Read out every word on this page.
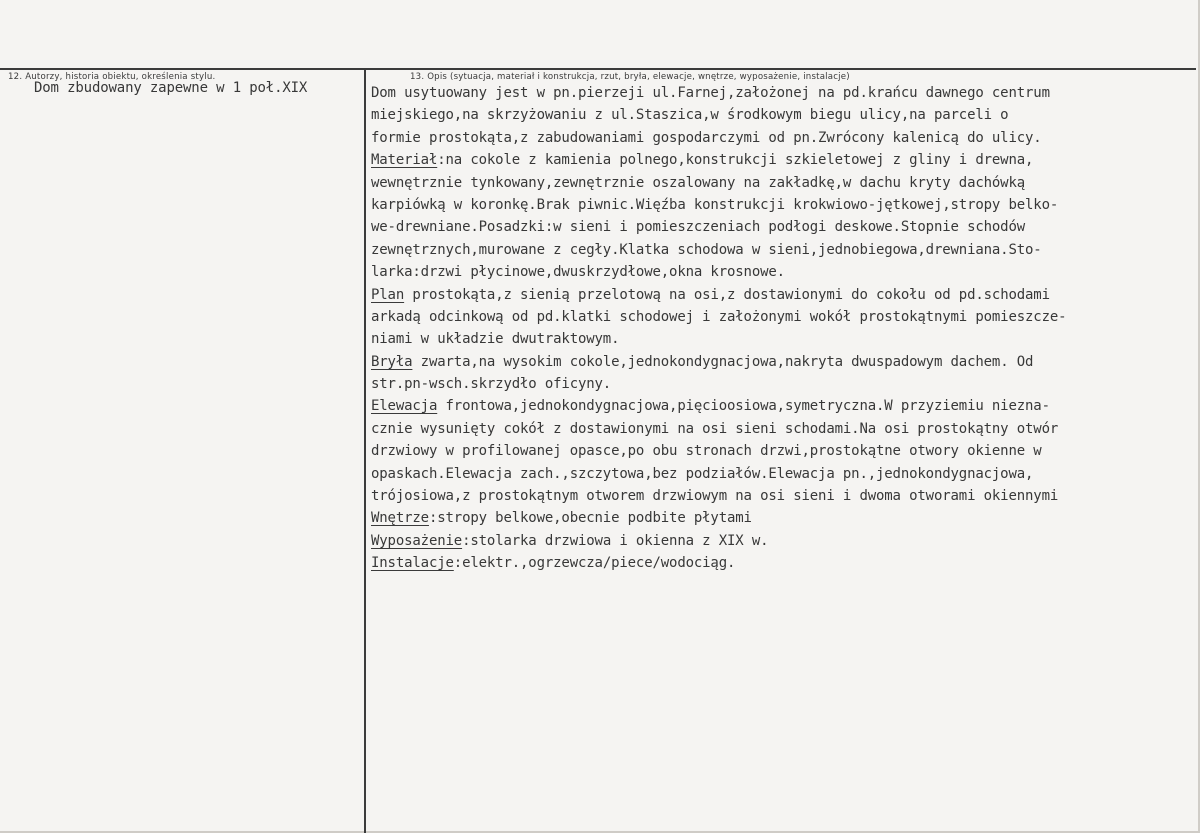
12. Autorzy, historia obiektu, określenia stylu.	13. Opis (sytuacja, materiał i konstrukcja, rzut, bryła, elewacje, wnętrze, wyposażenie, instalacje)
Dom zbudowany zapewne w 1 poł.XIX	Dom usytuowany jest w pn.pierzeji ul.Farnej,założonej na pd.krańcu dawnego centrum
miejskiego,na skrzyżowaniu z ul.Staszica,w środkowym biegu ulicy,na parceli o
formie prostokąta,z zabudowaniami gospodarczymi od pn.Zwrócony kalenicą do ulicy.
Materiał:na cokole z kamienia polnego,konstrukcji szkieletowej z gliny i drewna,
wewnętrznie tynkowany,zewnętrznie oszalowany na zakładkę,w dachu kryty dachówką
karpiówką w koronkę.Brak piwnic.Więźba konstrukcji krokwiowo-jętkowej,stropy belko-
we-drewniane.Posadzki:w sieni i pomieszczeniach podłogi deskowe.Stopnie schodów
zewnętrznych,murowane z cegły.Klatka schodowa w sieni,jednobiegowa,drewniana.Sto-
larka:drzwi płycinowe,dwuskrzydłowe,okna krosnowe.
Plan prostokąta,z sienią przelotową na osi,z dostawionymi do cokołu od pd.schodami
arkadą odcinkową od pd.klatki schodowej i założonymi wokół prostokątnymi pomieszcze-
niami w układzie dwutraktowym.
Bryła zwarta,na wysokim cokole,jednokondygnacjowa,nakryta dwuspadowym dachem. Od
str.pn-wsch.skrzydło oficyny.
Elewacja frontowa,jednokondygnacjowa,pięcioosiowa,symetryczna.W przyziemiu niezna-
cznie wysunięty cokół z dostawionymi na osi sieni schodami.Na osi prostokątny otwór
drzwiowy w profilowanej opasce,po obu stronach drzwi,prostokątne otwory okienne w
opaskach.Elewacja zach.,szczytowa,bez podziałów.Elewacja pn.,jednokondygnacjowa,
trójosiowa,z prostokątnym otworem drzwiowym na osi sieni i dwoma otworami okiennymi
Wnętrze:stropy belkowe,obecnie podbite płytami
Wyposażenie:stolarka drzwiowa i okienna z XIX w.
Instalacje:elektr.,ogrzewcza/piece/wodociąg.
